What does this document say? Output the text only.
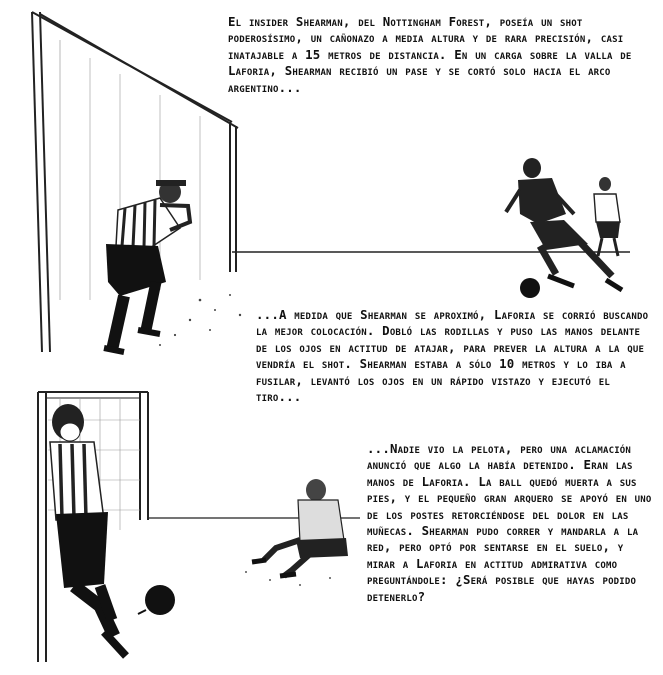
El insider Shearman, del Nottingham Forest, poseía un shot poderosísimo, un cañonazo a media altura y de rara precisión, casi inatajable a 15 metros de distancia. En un carga sobre la valla de Laforia, Shearman recibió un pase y se cortó solo hacia el arco argentino...

...A medida que Shearman se aproximó, Laforia se corrió buscando la mejor colocación. Dobló las rodillas y puso las manos delante de los ojos en actitud de atajar, para prever la altura a la que vendría el shot. Shearman estaba a sólo 10 metros y lo iba a fusilar, levantó los ojos en un rápido vistazo y ejecutó el tiro...

...Nadie vio la pelota, pero una aclamación anunció que algo la había detenido. Eran las manos de Laforia. La ball quedó muerta a sus pies, y el pequeño gran arquero se apoyó en uno de los postes retorciéndose del dolor en las muñecas. Shearman pudo correr y mandarla a la red, pero optó por sentarse en el suelo, y mirar a Laforia en actitud admirativa como preguntándole: ¿Será posible que hayas podido detenerlo?
